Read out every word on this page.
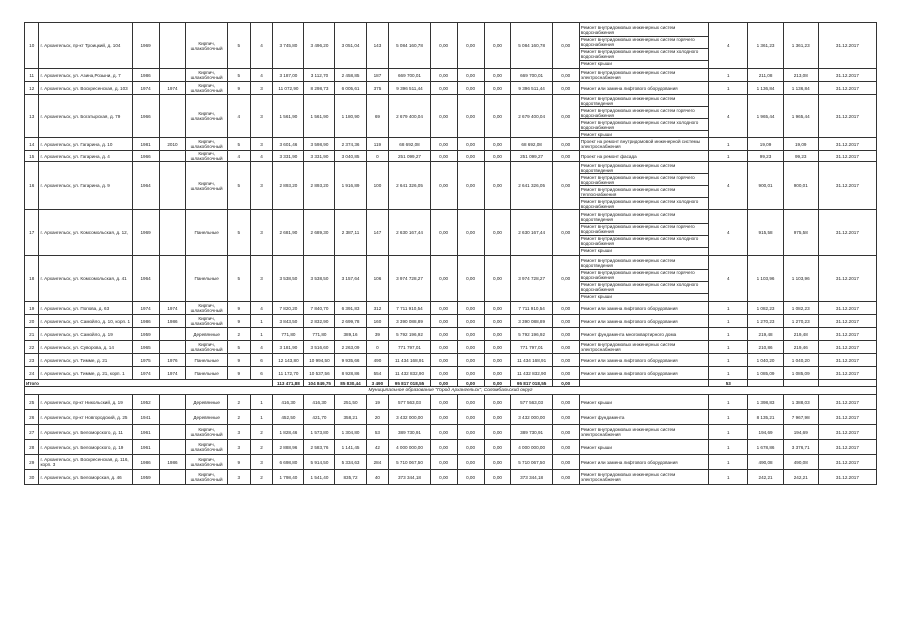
10	г. Архангельск, пр-кт Троицкий, д. 104	1969		Кирпич, шлакоблочный	5	4	3 745,80	3 496,20	3 051,04	143	5 084 160,78	0,00	0,00	0,00	5 084 160,78	0,00	Ремонт внутридомовых инженерных систем водоснабжения
Ремонт внутридомовых инженерных систем горячего водоснабжения
Ремонт внутридомовых инженерных систем холодного водоснабжения
Ремонт крыши	4	1 361,23	1 361,23	31.12.2017
11	г. Архангельск, ул. Азина,Розыни, д. 7	1986		Кирпич, шлакоблочный	5	4	3 187,00	3 112,70	2 458,85	187	669 700,01	0,00	0,00	0,00	669 700,01	0,00	Ремонт внутридомовых инженерных систем электроснабжения	1	211,08	213,08	31.12.2017
12	г. Архангельск, ул. Воскресенская, д. 103	1974	1974	Кирпич, шлакоблочный	9	3	11 072,90	8 298,73	6 005,61	375	9 396 511,44	0,00	0,00	0,00	9 396 511,44	0,00	Ремонт или замена лифтового оборудования	1	1 136,84	1 136,84	31.12.2017
13	г. Архангельск, ул. Богатырская, д. 79	1966		Кирпич, шлакоблочный	4	3	1 561,90	1 561,90	1 180,90	69	2 679 400,04	0,00	0,00	0,00	2 679 400,04	0,00	Ремонт внутридомовых инженерных систем водоотведения
Ремонт внутридомовых инженерных систем горячего водоснабжения
Ремонт внутридомовых инженерных систем холодного водоснабжения
Ремонт крыши	4	1 965,44	1 965,44	31.12.2017
14	г. Архангельск, ул. Гагарина, д. 10	1981	2010	Кирпич, шлакоблочный	5	3	3 601,46	3 598,90	2 374,36	119	68 692,08	0,00	0,00	0,00	68 692,08	0,00	Проект на ремонт внутридомовой инженерной системы электроснабжения	1	19,09	19,09	31.12.2017
15	г. Архангельск, ул. Гагарина, д. 4	1966		Кирпич, шлакоблочный	4	4	3 331,90	3 331,90	3 040,85	0	251 099,27	0,00	0,00	0,00	251 099,27	0,00	Проект на ремонт фасада	1	99,23	99,23	31.12.2017
16	г. Архангельск, ул. Гагарина, д. 9	1964		Кирпич, шлакоблочный	5	3	2 893,20	2 893,20	1 916,89	100	2 641 326,05	0,00	0,00	0,00	2 641 326,05	0,00	Ремонт внутридомовых инженерных систем водоотведения
Ремонт внутридомовых инженерных систем горячего водоснабжения
Ремонт внутридомовых инженерных систем теплоснабжения
Ремонт внутридомовых инженерных систем холодного водоснабжения	4	900,01	900,01	31.12.2017
17	г. Архангельск, ул. Комсомольская, д. 12,	1969		Панельные	5	3	2 681,90	2 689,30	2 387,11	147	2 630 167,44	0,00	0,00	0,00	2 630 167,44	0,00	Ремонт внутридомовых инженерных систем водоотведения
Ремонт внутридомовых инженерных систем горячего водоснабжения
Ремонт внутридомовых инженерных систем холодного водоснабжения
Ремонт крыши	4	915,58	975,58	31.12.2017
18	г. Архангельск, ул. Комсомольская, д. 41	1964		Панельные	5	3	3 538,50	3 538,50	3 157,64	106	3 974 728,27	0,00	0,00	0,00	3 974 728,27	0,00	Ремонт внутридомовых инженерных систем водоотведения
Ремонт внутридомовых инженерных систем горячего водоснабжения
Ремонт внутридомовых инженерных систем холодного водоснабжения
Ремонт крыши	4	1 103,96	1 103,96	31.12.2017
19	г. Архангельск, ул. Попова, д. 63	1974	1974	Кирпич, шлакоблочный	9	4	7 820,20	7 840,70	6 391,83	312	7 711 910,54	0,00	0,00	0,00	7 711 910,54	0,00	Ремонт или замена лифтового оборудования	1	1 082,23	1 082,23	31.12.2017
20	г. Архангельск, ул. Самойло, д. 10, корп. 1	1986	1986	Кирпич, шлакоблочный	9	1	3 843,50	2 832,90	2 699,78	160	3 390 088,89	0,00	0,00	0,00	3 390 088,89	0,00	Ремонт или замена лифтового оборудования	1	1 270,23	1 270,23	31.12.2017
21	г. Архангельск, ул. Самойло, д. 19	1959		Деревянные	2	1	771,80	771,80	389,16	39	5 792 196,92	0,00	0,00	0,00	5 792 196,92	0,00	Ремонт фундамента многоквартирного дома	1	219,48	219,48	31.12.2017
22	г. Архангельск, ул. Суворова, д. 14	1965		Кирпич, шлакоблочный	5	4	3 181,90	3 516,60	2 263,09	0	771 797,01	0,00	0,00	0,00	771 797,01	0,00	Ремонт внутридомовых инженерных систем электроснабжения	1	210,86	219,46	31.12.2017
23	г. Архангельск, ул. Тимме, д. 21	1975	1976	Панельные	9	6	12 143,80	10 994,50	9 935,66	490	11 434 168,91	0,00	0,00	0,00	11 434 168,91	0,00	Ремонт или замена лифтового оборудования	1	1 040,20	1 040,20	31.12.2017
24	г. Архангельск, ул. Тимме, д. 21, корп. 1	1974	1974	Панельные	9	6	11 172,70	10 537,56	8 928,86	554	11 432 832,90	0,00	0,00	0,00	11 432 832,90	0,00	Ремонт или замена лифтового оборудования	1	1 085,09	1 085,09	31.12.2017
Итого							113 471,88	104 849,75	85 830,44	3 490	95 817 018,55	0,00	0,00	0,00	95 817 018,55	0,00		53			
Муниципальное образование "Город Архангельск", Соломбальский округ																					
25	г. Архангельск, пр-кт Никольский, д. 19	1952		Деревянные	2	1	416,30	416,30	251,50	19	577 563,03	0,00	0,00	0,00	577 563,03	0,00	Ремонт крыши	1	1 398,83	1 388,03	31.12.2017
26	г. Архангельск, пр-кт Новгородский, д. 25	1941		Деревянные	2	1	452,50	421,70	358,21	20	3 432 000,00	0,00	0,00	0,00	3 432 000,00	0,00	Ремонт фундамента	1	8 135,21	7 967,98	31.12.2017
27	г. Архангельск, ул. Беломорского, д. 11	1961		Кирпич, шлакоблочный	3	2	1 828,46	1 573,80	1 304,80	53	389 730,91	0,00	0,00	0,00	389 730,91	0,00	Ремонт внутридомовых инженерных систем электроснабжения	1	194,69	194,69	31.12.2017
28	г. Архангельск, ул. Беломорского, д. 19	1961		Кирпич, шлакоблочный	3	2	2 888,96	2 583,76	1 141,45	42	4 000 000,00	0,00	0,00	0,00	4 000 000,00	0,00	Ремонт крыши	1	1 678,86	3 376,71	31.12.2017
29	г. Архангельск, ул. Воскресенская, д. 116, корп. 3	1986	1986	Кирпич, шлакоблочный	9	3	6 698,80	5 914,50	5 334,63	284	5 710 067,50	0,00	0,00	0,00	5 710 067,50	0,00	Ремонт или замена лифтового оборудования	1	490,08	490,08	31.12.2017
30	г. Архангельск, ул. Беломорская, д. 46	1959		Кирпич, шлакоблочный	3	2	1 798,40	1 541,40	835,72	40	373 344,18	0,00	0,00	0,00	373 344,18	0,00	Ремонт внутридомовых инженерных систем электроснабжения	1	242,21	242,21	31.12.2017
